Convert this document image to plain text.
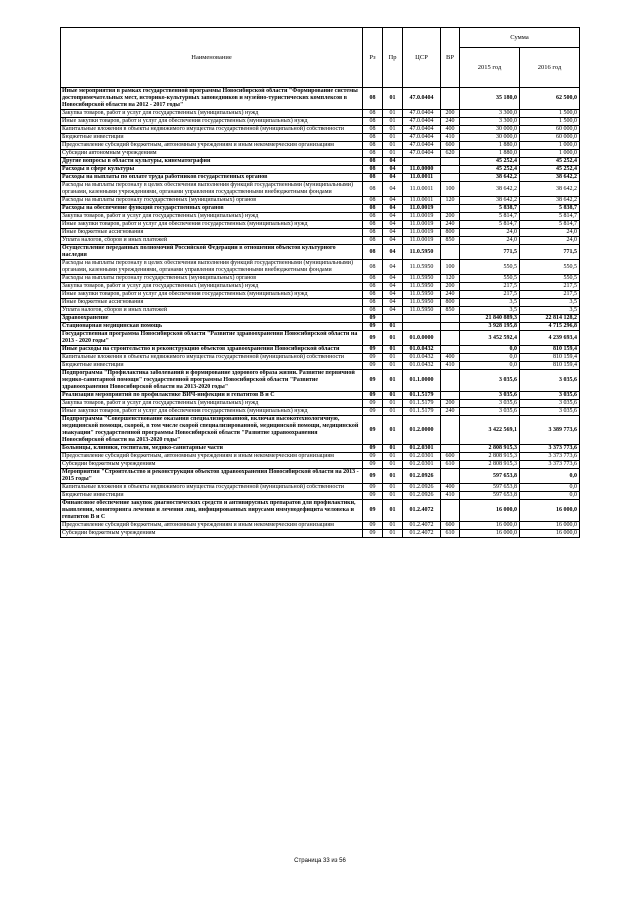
Наименование	Рз	Пр	ЦСР	ВР	Сумма	
					2015 год	2016 год
Иные мероприятия в рамках государственной программы Новосибирской области "Формирование системы достопримечательных мест, историко-культурных заповедников и музейно-туристических комплексов в Новосибирской области на 2012 - 2017 годы"	08	01	47.0.0404		35 180,0	62 500,0
Закупка товаров, работ и услуг для государственных (муниципальных) нужд	08	01	47.0.0404	200	3 300,0	1 500,0
Иные закупки товаров, работ и услуг для обеспечения государственных (муниципальных) нужд	08	01	47.0.0404	240	3 300,0	1 500,0
Капитальные вложения в объекты недвижимого имущества государственной (муниципальной) собственности	08	01	47.0.0404	400	30 000,0	60 000,0
Бюджетные инвестиции	08	01	47.0.0404	410	30 000,0	60 000,0
Предоставление субсидий бюджетным, автономным учреждениям и иным некоммерческим организациям	08	01	47.0.0404	600	1 880,0	1 000,0
Субсидии автономным учреждениям	08	01	47.0.0404	620	1 880,0	1 000,0
Другие вопросы в области культуры, кинематографии	08	04			45 252,4	45 252,4
Расходы в сфере культуры	08	04	11.0.0000		45 252,4	45 252,4
Расходы на выплаты по оплате труда работников государственных органов	08	04	11.0.0011		38 642,2	38 642,2
Расходы на выплаты персоналу в целях обеспечения выполнения функций государственными (муниципальными) органами, казенными учреждениями, органами управления государственными внебюджетными фондами	08	04	11.0.0011	100	38 642,2	38 642,2
Расходы на выплаты персоналу государственных (муниципальных) органов	08	04	11.0.0011	120	38 642,2	38 642,2
Расходы на обеспечение функций государственных органов	08	04	11.0.0019		5 838,7	5 838,7
Закупка товаров, работ и услуг для государственных (муниципальных) нужд	08	04	11.0.0019	200	5 814,7	5 814,7
Иные закупки товаров, работ и услуг для обеспечения государственных (муниципальных) нужд	08	04	11.0.0019	240	5 814,7	5 814,7
Иные бюджетные ассигнования	08	04	11.0.0019	800	24,0	24,0
Уплата налогов, сборов и иных платежей	08	04	11.0.0019	850	24,0	24,0
Осуществление переданных полномочий Российской Федерации в отношении объектов культурного наследия	08	04	11.0.5950		771,5	771,5
Расходы на выплаты персоналу в целях обеспечения выполнения функций государственными (муниципальными) органами, казенными учреждениями, органами управления государственными внебюджетными фондами	08	04	11.0.5950	100	550,5	550,5
Расходы на выплаты персоналу государственных (муниципальных) органов	08	04	11.0.5950	120	550,5	550,5
Закупка товаров, работ и услуг для государственных (муниципальных) нужд	08	04	11.0.5950	200	217,5	217,5
Иные закупки товаров, работ и услуг для обеспечения государственных (муниципальных) нужд	08	04	11.0.5950	240	217,5	217,5
Иные бюджетные ассигнования	08	04	11.0.5950	800	3,5	3,5
Уплата налогов, сборов и иных платежей	08	04	11.0.5950	850	3,5	3,5
Здравоохранение	09				21 840 889,3	22 814 128,2
Стационарная медицинская помощь	09	01			3 928 195,8	4 715 296,8
Государственная программа Новосибирской области "Развитие здравоохранения Новосибирской области на 2013 - 2020 годы"	09	01	01.0.0000		3 452 592,4	4 239 693,4
Иные расходы на строительство и реконструкцию объектов здравоохранения Новосибирской области	09	01	01.0.0432		0,0	810 159,4
Капитальные вложения в объекты недвижимого имущества государственной (муниципальной) собственности	09	01	01.0.0432	400	0,0	810 159,4
Бюджетные инвестиции	09	01	01.0.0432	410	0,0	810 159,4
Подпрограмма "Профилактика заболеваний и формирование здорового образа жизни. Развитие первичной медико-санитарной помощи" государственной программы Новосибирской области "Развитие здравоохранения Новосибирской области на 2013-2020 годы"	09	01	01.1.0000		3 035,6	3 035,6
Реализация мероприятий по профилактике ВИЧ-инфекции и гепатитов В и С	09	01	01.1.5179		3 035,6	3 035,6
Закупка товаров, работ и услуг для государственных (муниципальных) нужд	09	01	01.1.5179	200	3 035,6	3 035,6
Иные закупки товаров, работ и услуг для обеспечения государственных (муниципальных) нужд	09	01	01.1.5179	240	3 035,6	3 035,6
Подпрограмма "Совершенствование оказания специализированной, включая высокотехнологичную, медицинской помощи, скорой, в том числе скорой специализированной, медицинской помощи, медицинской эвакуации" государственной программы Новосибирской области "Развитие здравоохранения Новосибирской области на 2013-2020 годы"	09	01	01.2.0000		3 422 569,1	3 389 773,6
Больницы, клиники, госпитали, медико-санитарные части	09	01	01.2.0301		2 808 915,3	3 373 773,6
Предоставление субсидий бюджетным, автономным учреждениям и иным некоммерческим организациям	09	01	01.2.0301	600	2 808 915,3	3 373 773,6
Субсидии бюджетным учреждениям	09	01	01.2.0301	610	2 808 915,3	3 373 773,6
Мероприятия "Строительство и реконструкция объектов здравоохранения Новосибирской области на 2013 - 2015 годы"	09	01	01.2.0926		597 653,8	0,0
Капитальные вложения в объекты недвижимого имущества государственной (муниципальной) собственности	09	01	01.2.0926	400	597 653,8	0,0
Бюджетные инвестиции	09	01	01.2.0926	410	597 653,8	0,0
Финансовое обеспечение закупок диагностических средств и антивирусных препаратов для профилактики, выявления, мониторинга лечения и лечения лиц, инфицированных вирусами иммунодефицита человека и гепатитов В и С	09	01	01.2.4072		16 000,0	16 000,0
Предоставление субсидий бюджетным, автономным учреждениям и иным некоммерческим организациям	09	01	01.2.4072	600	16 000,0	16 000,0
Субсидии бюджетным учреждениям	09	01	01.2.4072	610	16 000,0	16 000,0
Страница 33 из 56
